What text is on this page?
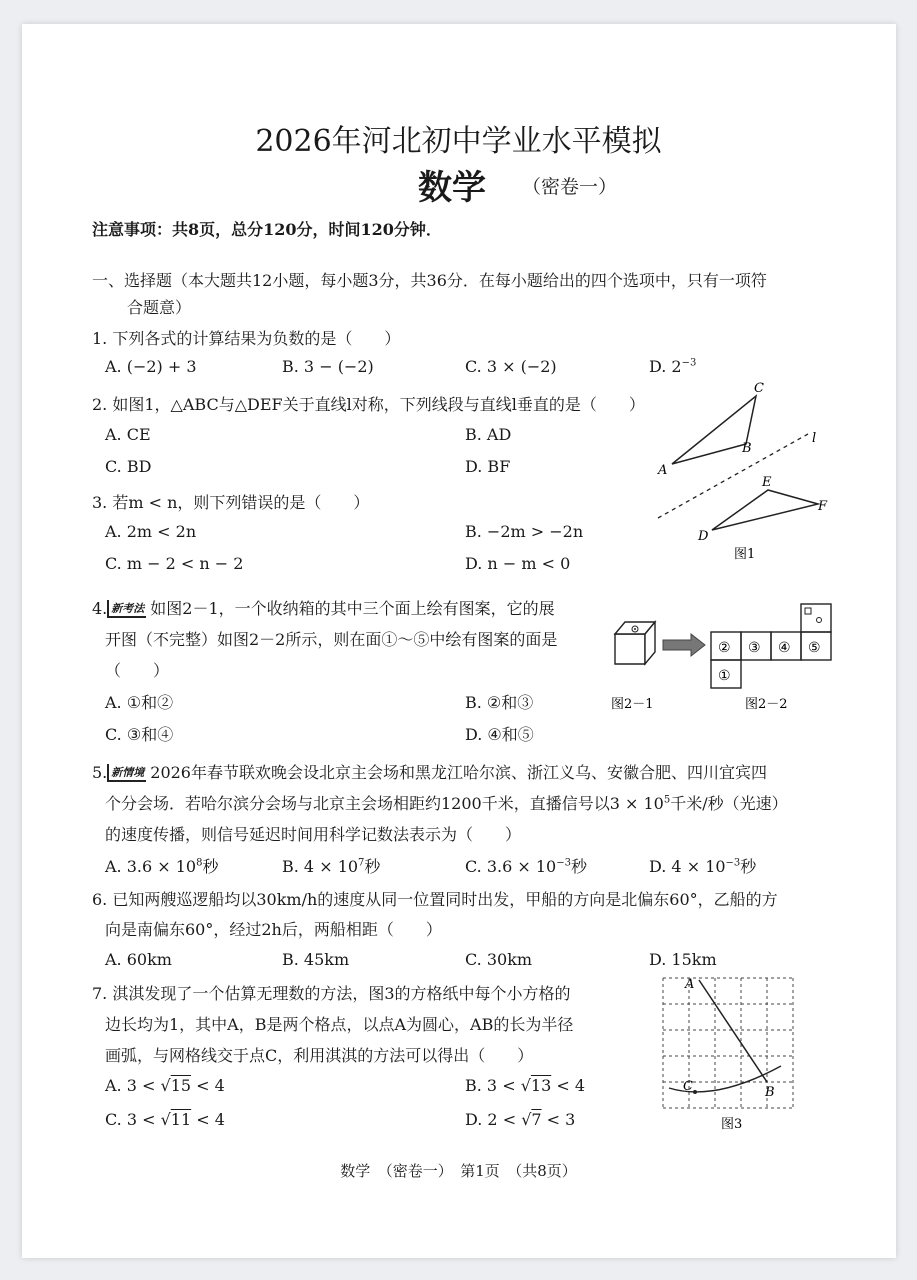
2026年河北初中学业水平模拟
数学 （密卷一）
注意事项：共8页，总分120分，时间120分钟．
一、选择题（本大题共12小题，每小题3分，共36分．在每小题给出的四个选项中，只有一项符
合题意）
1. 下列各式的计算结果为负数的是（　　）
A. (−2) + 3	B. 3 − (−2)	C. 3 × (−2)	D. $2^{-3}$
2. 如图1，△ABC与△DEF关于直线l对称，下列线段与直线l垂直的是（　　）
A. CE	B. AD
C. BD	D. BF
3. 若m < n，则下列错误的是（　　）
A. 2m < 2n	B. −2m > −2n
C. m − 2 < n − 2	D. n − m < 0
A
B
C
l
D
E
F
图1
4. 新考法 如图2－1，一个收纳箱的其中三个面上绘有图案，它的展
开图（不完整）如图2－2所示，则在面①～⑤中绘有图案的面是
（　　）
A. ①和②	B. ②和③
C. ③和④	D. ④和⑤
② ③ ④ ⑤
①
图2－1	图2－2
5. 新情境 2026年春节联欢晚会设北京主会场和黑龙江哈尔滨、浙江义乌、安徽合肥、四川宜宾四
个分会场．若哈尔滨分会场与北京主会场相距约1200千米，直播信号以$3 \times 10^5$千米/秒（光速）
的速度传播，则信号延迟时间用科学记数法表示为（　　）
A. $3.6 \times 10^8$秒	B. $4 \times 10^7$秒	C. $3.6 \times 10^{-3}$秒	D. $4 \times 10^{-3}$秒
6. 已知两艘巡逻船均以30km/h的速度从同一位置同时出发，甲船的方向是北偏东60°，乙船的方
向是南偏东60°，经过2h后，两船相距（　　）
A. 60km	B. 45km	C. 30km	D. 15km
7. 淇淇发现了一个估算无理数的方法，图3的方格纸中每个小方格的
边长均为1，其中A，B是两个格点，以点A为圆心，AB的长为半径
画弧，与网格线交于点C，利用淇淇的方法可以得出（　　）
A. 3 < √15 < 4	B. 3 < √13 < 4
C. 3 < √11 < 4	D. 2 < √7 < 3
A
B
C
图3
数学　（密卷一）　第1页　（共8页）
